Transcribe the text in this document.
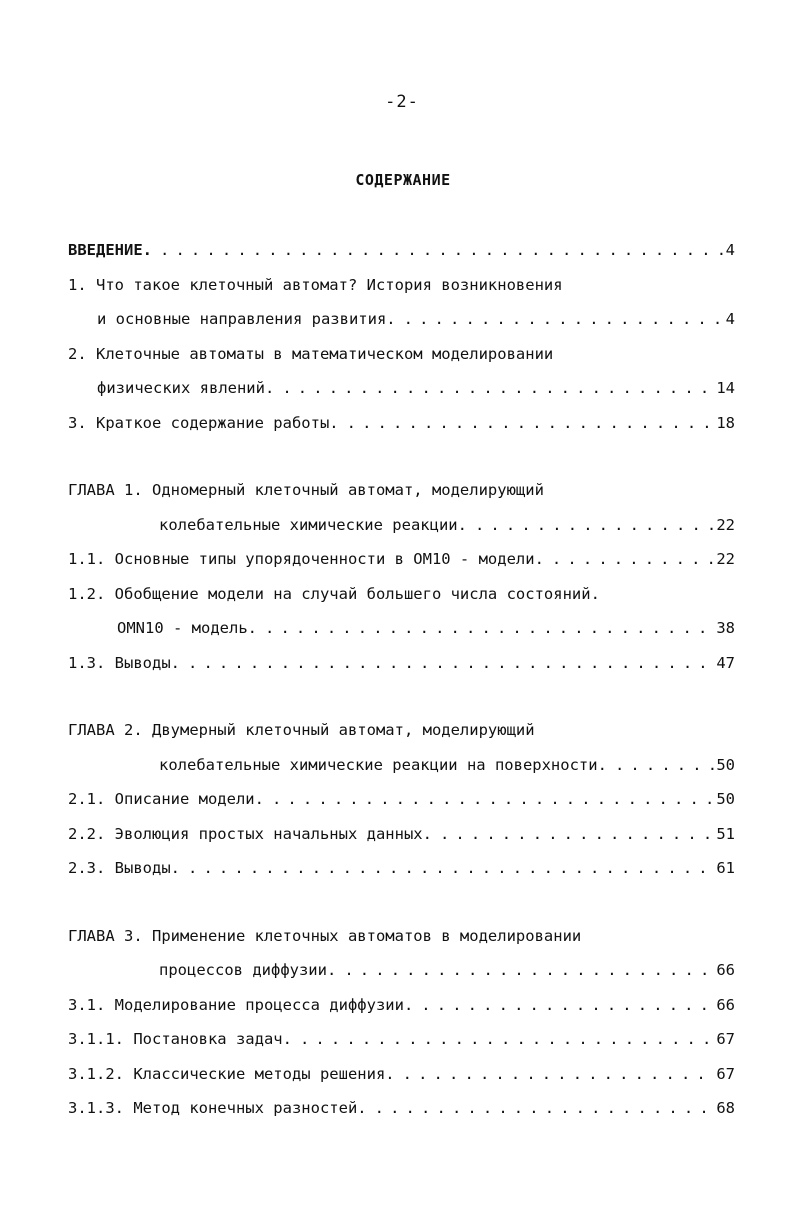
-2-
СОДЕРЖАНИЕ
ВВЕДЕНИЕ. . . .	4
1. Что такое клеточный автомат? История возникновения
и основные направления развития. . . .	4
2. Клеточные автоматы в математическом моделировании
физических явлений. . . .	14
3. Краткое содержание работы. . . .	18
ГЛАВА 1. Одномерный клеточный автомат, моделирующий
колебательные химические реакции. . . .	22
1.1. Основные типы упорядоченности в ОМ10 - модели. . . .	22
1.2. Обобщение модели на случай большего числа состояний.
OMN10 - модель. . . .	38
1.3. Выводы. . . .	47
ГЛАВА 2. Двумерный клеточный автомат, моделирующий
колебательные химические реакции на поверхности. . . .	50
2.1. Описание модели. . . .	50
2.2. Эволюция простых начальных данных. . . .	51
2.3. Выводы. . . .	61
ГЛАВА 3. Применение клеточных автоматов в моделировании
процессов диффузии. . . .	66
3.1. Моделирование процесса диффузии. . . .	66
3.1.1. Постановка задач. . . .	67
3.1.2. Классические методы решения. . . .	67
3.1.3. Метод конечных разностей. . . .	68
